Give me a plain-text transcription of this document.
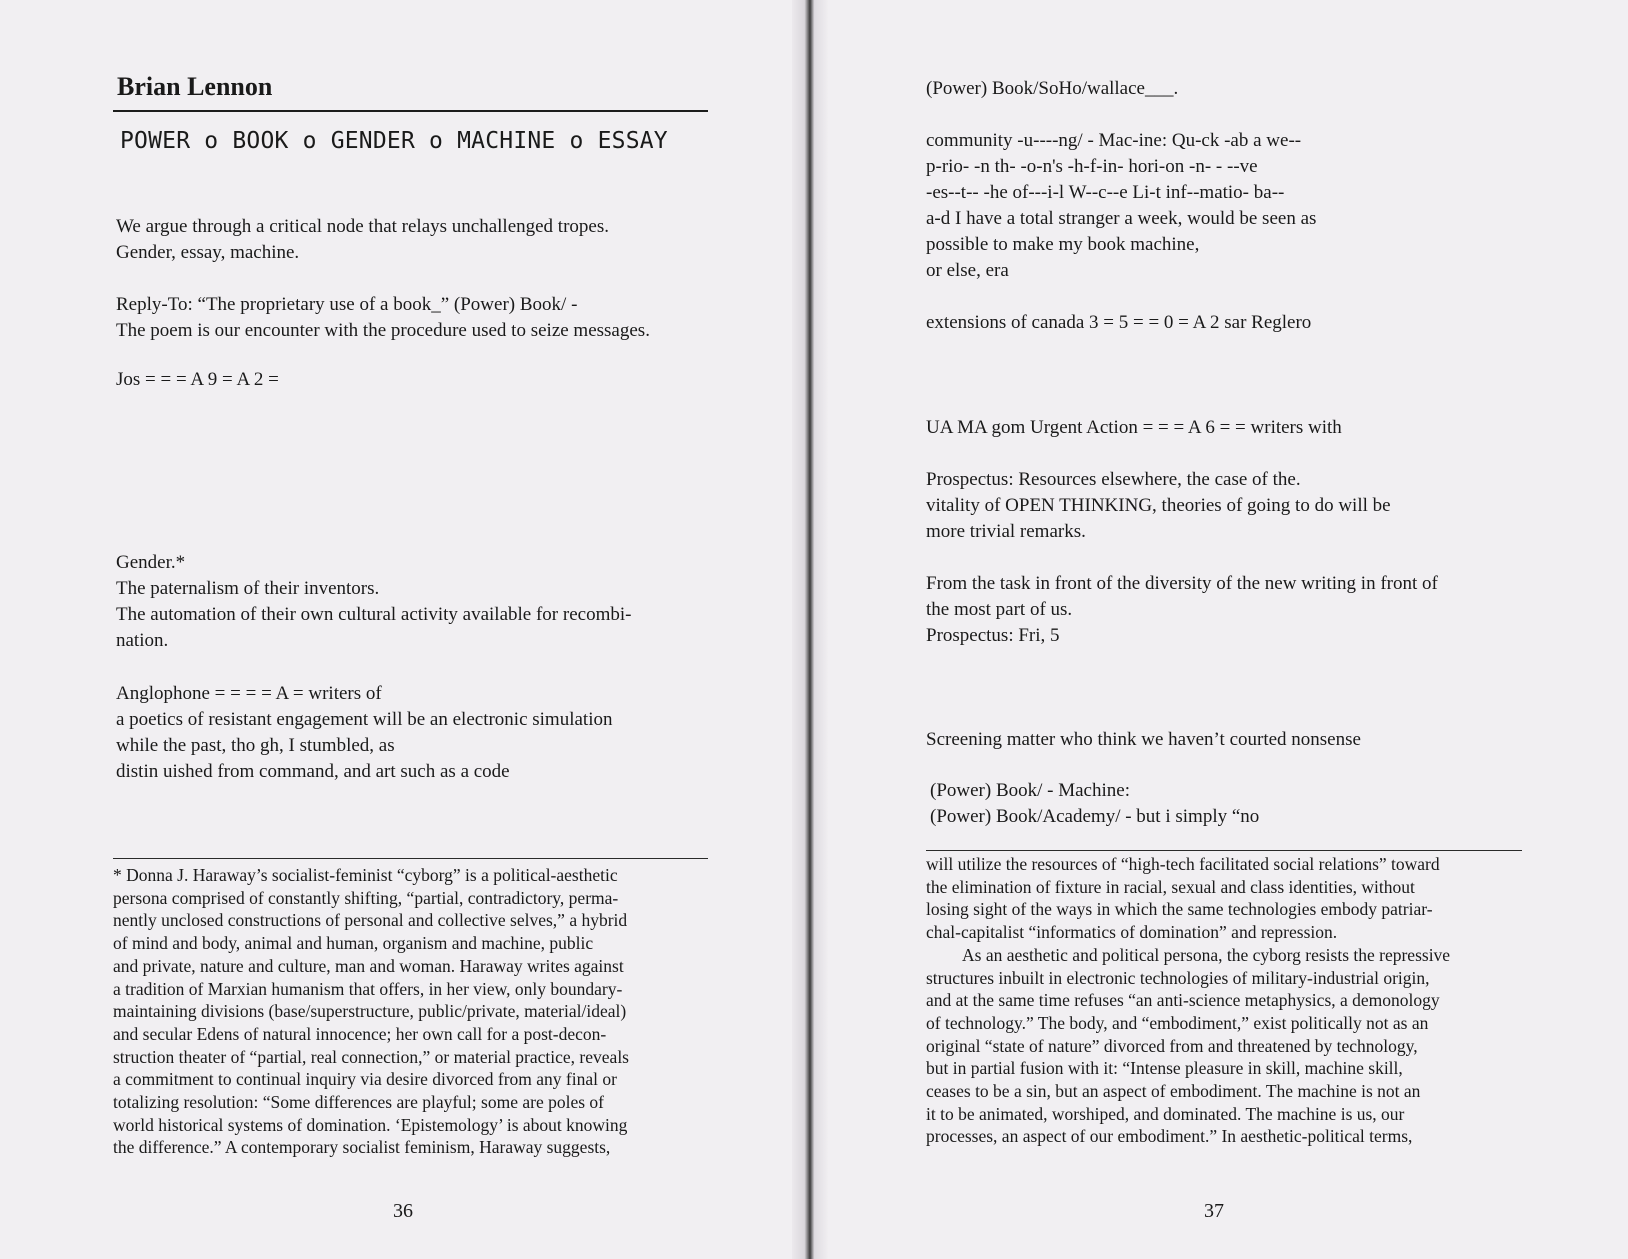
Brian Lennon
POWER o BOOK o GENDER o MACHINE o ESSAY
We argue through a critical node that relays unchallenged tropes.
Gender, essay, machine.
Reply-To: “The proprietary use of a book_” (Power) Book/ -
The poem is our encounter with the procedure used to seize messages.
Jos = = = A 9 = A 2 =
Gender.*
The paternalism of their inventors.
The automation of their own cultural activity available for recombi-
nation.
Anglophone = = = = A = writers of
a poetics of resistant engagement will be an electronic simulation
while the past, tho gh, I stumbled, as
distin uished from command, and art such as a code
* Donna J. Haraway’s socialist-feminist “cyborg” is a political-aesthetic
persona comprised of constantly shifting, “partial, contradictory, perma-
nently unclosed constructions of personal and collective selves,” a hybrid
of mind and body, animal and human, organism and machine, public
and private, nature and culture, man and woman. Haraway writes against
a tradition of Marxian humanism that offers, in her view, only boundary-
maintaining divisions (base/superstructure, public/private, material/ideal)
and secular Edens of natural innocence; her own call for a post-decon-
struction theater of “partial, real connection,” or material practice, reveals
a commitment to continual inquiry via desire divorced from any final or
totalizing resolution: “Some differences are playful; some are poles of
world historical systems of domination. ‘Epistemology’ is about knowing
the difference.” A contemporary socialist feminism, Haraway suggests,
36
(Power) Book/SoHo/wallace___.
community -u----ng/ - Mac-ine: Qu-ck -ab a we--
p-rio- -n th- -o-n's -h-f-in- hori-on -n- - --ve
-es--t-- -he of---i-l W--c--e Li-t inf--matio- ba--
a-d I have a total stranger a week, would be seen as
possible to make my book machine,
or else, era
extensions of canada 3 = 5 = = 0 = A 2 sar Reglero
UA MA gom Urgent Action = = = A 6 = = writers with
Prospectus: Resources elsewhere, the case of the.
vitality of OPEN THINKING, theories of going to do will be
more trivial remarks.
From the task in front of the diversity of the new writing in front of
the most part of us.
Prospectus: Fri, 5
Screening matter who think we haven’t courted nonsense
(Power) Book/ - Machine:
(Power) Book/Academy/ - but i simply “no
will utilize the resources of “high-tech facilitated social relations” toward
the elimination of fixture in racial, sexual and class identities, without
losing sight of the ways in which the same technologies embody patriar-
chal-capitalist “informatics of domination” and repression.
As an aesthetic and political persona, the cyborg resists the repressive
structures inbuilt in electronic technologies of military-industrial origin,
and at the same time refuses “an anti-science metaphysics, a demonology
of technology.” The body, and “embodiment,” exist politically not as an
original “state of nature” divorced from and threatened by technology,
but in partial fusion with it: “Intense pleasure in skill, machine skill,
ceases to be a sin, but an aspect of embodiment. The machine is not an
it to be animated, worshiped, and dominated. The machine is us, our
processes, an aspect of our embodiment.” In aesthetic-political terms,
37
